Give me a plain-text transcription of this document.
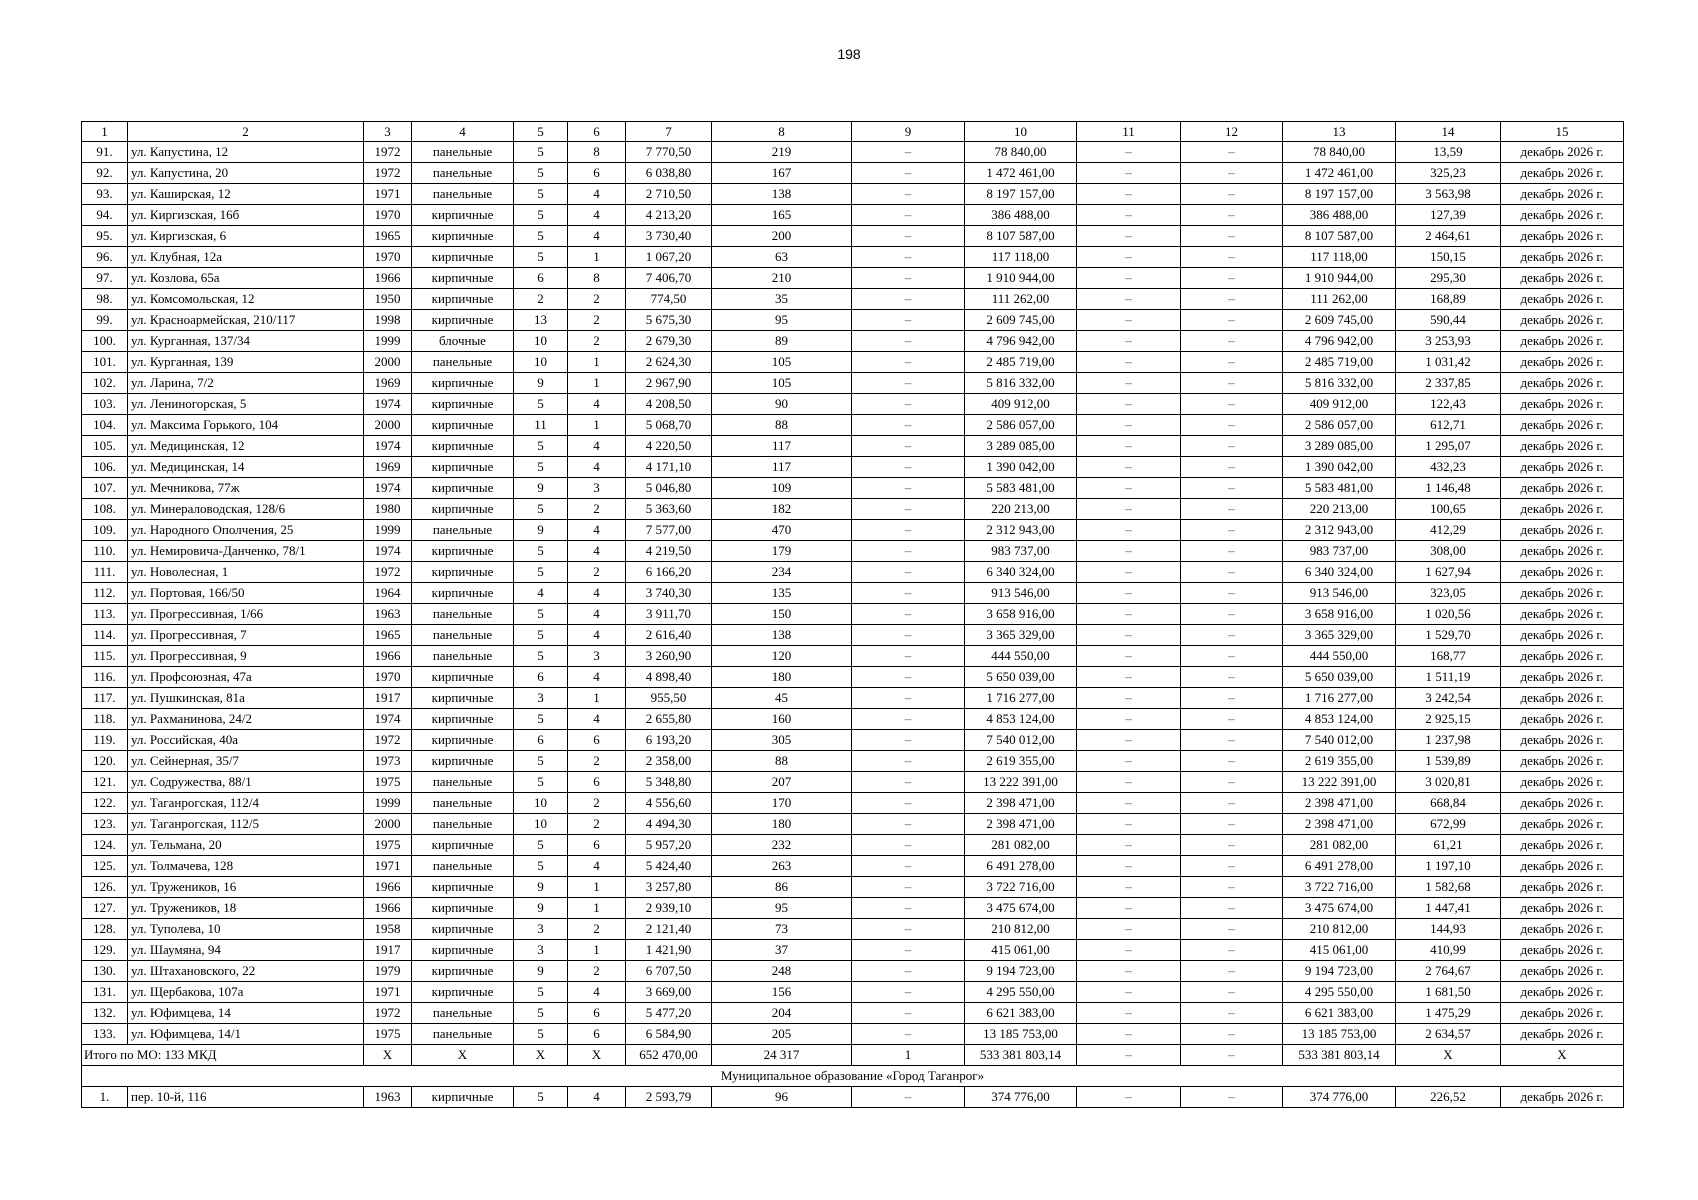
198
1	2	3	4	5	6	7	8	9	10	11	12	13	14	15
91.	ул. Капустина, 12	1972	панельные	5	8	7 770,50	219	–	78 840,00	–	–	78 840,00	13,59	декабрь 2026 г.
92.	ул. Капустина, 20	1972	панельные	5	6	6 038,80	167	–	1 472 461,00	–	–	1 472 461,00	325,23	декабрь 2026 г.
93.	ул. Каширская, 12	1971	панельные	5	4	2 710,50	138	–	8 197 157,00	–	–	8 197 157,00	3 563,98	декабрь 2026 г.
94.	ул. Киргизская, 16б	1970	кирпичные	5	4	4 213,20	165	–	386 488,00	–	–	386 488,00	127,39	декабрь 2026 г.
95.	ул. Киргизская, 6	1965	кирпичные	5	4	3 730,40	200	–	8 107 587,00	–	–	8 107 587,00	2 464,61	декабрь 2026 г.
96.	ул. Клубная, 12а	1970	кирпичные	5	1	1 067,20	63	–	117 118,00	–	–	117 118,00	150,15	декабрь 2026 г.
97.	ул. Козлова, 65а	1966	кирпичные	6	8	7 406,70	210	–	1 910 944,00	–	–	1 910 944,00	295,30	декабрь 2026 г.
98.	ул. Комсомольская, 12	1950	кирпичные	2	2	774,50	35	–	111 262,00	–	–	111 262,00	168,89	декабрь 2026 г.
99.	ул. Красноармейская, 210/117	1998	кирпичные	13	2	5 675,30	95	–	2 609 745,00	–	–	2 609 745,00	590,44	декабрь 2026 г.
100.	ул. Курганная, 137/34	1999	блочные	10	2	2 679,30	89	–	4 796 942,00	–	–	4 796 942,00	3 253,93	декабрь 2026 г.
101.	ул. Курганная, 139	2000	панельные	10	1	2 624,30	105	–	2 485 719,00	–	–	2 485 719,00	1 031,42	декабрь 2026 г.
102.	ул. Ларина, 7/2	1969	кирпичные	9	1	2 967,90	105	–	5 816 332,00	–	–	5 816 332,00	2 337,85	декабрь 2026 г.
103.	ул. Лениногорская, 5	1974	кирпичные	5	4	4 208,50	90	–	409 912,00	–	–	409 912,00	122,43	декабрь 2026 г.
104.	ул. Максима Горького, 104	2000	кирпичные	11	1	5 068,70	88	–	2 586 057,00	–	–	2 586 057,00	612,71	декабрь 2026 г.
105.	ул. Медицинская, 12	1974	кирпичные	5	4	4 220,50	117	–	3 289 085,00	–	–	3 289 085,00	1 295,07	декабрь 2026 г.
106.	ул. Медицинская, 14	1969	кирпичные	5	4	4 171,10	117	–	1 390 042,00	–	–	1 390 042,00	432,23	декабрь 2026 г.
107.	ул. Мечникова, 77ж	1974	кирпичные	9	3	5 046,80	109	–	5 583 481,00	–	–	5 583 481,00	1 146,48	декабрь 2026 г.
108.	ул. Минераловодская, 128/6	1980	кирпичные	5	2	5 363,60	182	–	220 213,00	–	–	220 213,00	100,65	декабрь 2026 г.
109.	ул. Народного Ополчения, 25	1999	панельные	9	4	7 577,00	470	–	2 312 943,00	–	–	2 312 943,00	412,29	декабрь 2026 г.
110.	ул. Немировича-Данченко, 78/1	1974	кирпичные	5	4	4 219,50	179	–	983 737,00	–	–	983 737,00	308,00	декабрь 2026 г.
111.	ул. Новолесная, 1	1972	кирпичные	5	2	6 166,20	234	–	6 340 324,00	–	–	6 340 324,00	1 627,94	декабрь 2026 г.
112.	ул. Портовая, 166/50	1964	кирпичные	4	4	3 740,30	135	–	913 546,00	–	–	913 546,00	323,05	декабрь 2026 г.
113.	ул. Прогрессивная, 1/66	1963	панельные	5	4	3 911,70	150	–	3 658 916,00	–	–	3 658 916,00	1 020,56	декабрь 2026 г.
114.	ул. Прогрессивная, 7	1965	панельные	5	4	2 616,40	138	–	3 365 329,00	–	–	3 365 329,00	1 529,70	декабрь 2026 г.
115.	ул. Прогрессивная, 9	1966	панельные	5	3	3 260,90	120	–	444 550,00	–	–	444 550,00	168,77	декабрь 2026 г.
116.	ул. Профсоюзная, 47а	1970	кирпичные	6	4	4 898,40	180	–	5 650 039,00	–	–	5 650 039,00	1 511,19	декабрь 2026 г.
117.	ул. Пушкинская, 81а	1917	кирпичные	3	1	955,50	45	–	1 716 277,00	–	–	1 716 277,00	3 242,54	декабрь 2026 г.
118.	ул. Рахманинова, 24/2	1974	кирпичные	5	4	2 655,80	160	–	4 853 124,00	–	–	4 853 124,00	2 925,15	декабрь 2026 г.
119.	ул. Российская, 40а	1972	кирпичные	6	6	6 193,20	305	–	7 540 012,00	–	–	7 540 012,00	1 237,98	декабрь 2026 г.
120.	ул. Сейнерная, 35/7	1973	кирпичные	5	2	2 358,00	88	–	2 619 355,00	–	–	2 619 355,00	1 539,89	декабрь 2026 г.
121.	ул. Содружества, 88/1	1975	панельные	5	6	5 348,80	207	–	13 222 391,00	–	–	13 222 391,00	3 020,81	декабрь 2026 г.
122.	ул. Таганрогская, 112/4	1999	панельные	10	2	4 556,60	170	–	2 398 471,00	–	–	2 398 471,00	668,84	декабрь 2026 г.
123.	ул. Таганрогская, 112/5	2000	панельные	10	2	4 494,30	180	–	2 398 471,00	–	–	2 398 471,00	672,99	декабрь 2026 г.
124.	ул. Тельмана, 20	1975	кирпичные	5	6	5 957,20	232	–	281 082,00	–	–	281 082,00	61,21	декабрь 2026 г.
125.	ул. Толмачева, 128	1971	панельные	5	4	5 424,40	263	–	6 491 278,00	–	–	6 491 278,00	1 197,10	декабрь 2026 г.
126.	ул. Тружеников, 16	1966	кирпичные	9	1	3 257,80	86	–	3 722 716,00	–	–	3 722 716,00	1 582,68	декабрь 2026 г.
127.	ул. Тружеников, 18	1966	кирпичные	9	1	2 939,10	95	–	3 475 674,00	–	–	3 475 674,00	1 447,41	декабрь 2026 г.
128.	ул. Туполева, 10	1958	кирпичные	3	2	2 121,40	73	–	210 812,00	–	–	210 812,00	144,93	декабрь 2026 г.
129.	ул. Шаумяна, 94	1917	кирпичные	3	1	1 421,90	37	–	415 061,00	–	–	415 061,00	410,99	декабрь 2026 г.
130.	ул. Штахановского, 22	1979	кирпичные	9	2	6 707,50	248	–	9 194 723,00	–	–	9 194 723,00	2 764,67	декабрь 2026 г.
131.	ул. Щербакова, 107а	1971	кирпичные	5	4	3 669,00	156	–	4 295 550,00	–	–	4 295 550,00	1 681,50	декабрь 2026 г.
132.	ул. Юфимцева, 14	1972	панельные	5	6	5 477,20	204	–	6 621 383,00	–	–	6 621 383,00	1 475,29	декабрь 2026 г.
133.	ул. Юфимцева, 14/1	1975	панельные	5	6	6 584,90	205	–	13 185 753,00	–	–	13 185 753,00	2 634,57	декабрь 2026 г.
Итого по МО: 133 МКД		X	X	X	X	652 470,00	24 317	1	533 381 803,14	–	–	533 381 803,14	X	X
Муниципальное образование «Город Таганрог»														
1.	пер. 10-й, 116	1963	кирпичные	5	4	2 593,79	96	–	374 776,00	–	–	374 776,00	226,52	декабрь 2026 г.
